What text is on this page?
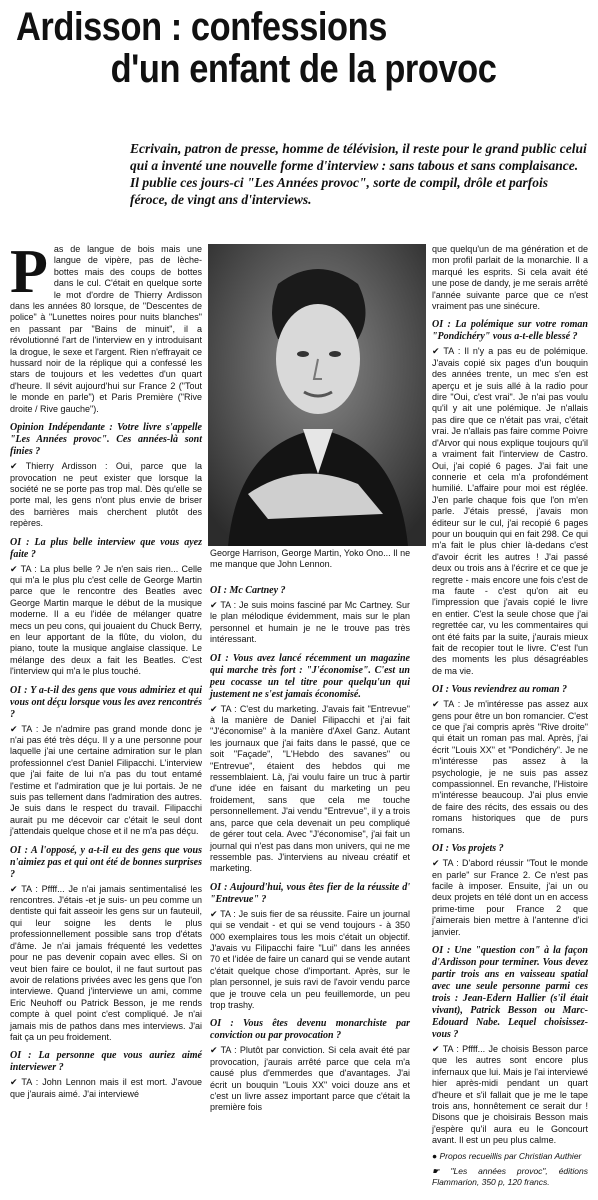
Ardisson : confessions
d'un enfant de la provoc
Ecrivain, patron de presse, homme de télévision, il reste pour le grand public celui qui a inventé une nouvelle forme d'interview : sans tabous et sans complaisance. Il publie ces jours-ci "Les Années provoc", sorte de compil, drôle et parfois féroce, de vingt ans d'interviews.

Pas de langue de bois mais une langue de vipère, pas de lèche-bottes mais des coups de bottes dans le cul. C'était en quelque sorte le mot d'ordre de Thierry Ardisson dans les années 80 lorsque, de "Descentes de police" à "Lunettes noires pour nuits blanches" en passant par "Bains de minuit", il a révolutionné l'art de l'interview en y introduisant la drogue, le sexe et l'argent. Rien n'effrayait ce hussard noir de la réplique qui a confessé les stars de toujours et les vedettes d'un quart d'heure. Il sévit aujourd'hui sur France 2 ("Tout le monde en parle") et Paris Première ("Rive droite / Rive gauche").

Opinion Indépendante : Votre livre s'appelle "Les Années provoc". Ces années-là sont finies ?

✔ Thierry Ardisson : Oui, parce que la provocation ne peut exister que lorsque la société ne se porte pas trop mal. Dès qu'elle se porte mal, les gens n'ont plus envie de briser des barrières mais cherchent plutôt des repères.

OI : La plus belle interview que vous ayez faite ?

✔ TA : La plus belle ? Je n'en sais rien... Celle qui m'a le plus plu c'est celle de George Martin parce que le rencontre des Beatles avec George Martin marque le début de la musique moderne. Il a eu l'idée de mélanger quatre mecs un peu cons, qui jouaient du Chuck Berry, en leur apportant de la flûte, du violon, du piano, toute la musique anglaise classique. Le mélange des deux a fait les Beatles. C'est l'interview qui m'a le plus touché.

OI : Y a-t-il des gens que vous admiriez et qui vous ont déçu lorsque vous les avez rencontrés ?

✔ TA : Je n'admire pas grand monde donc je n'ai pas été très déçu. Il y a une personne pour laquelle j'ai une certaine admiration sur le plan professionnel c'est Daniel Filipacchi. L'interview que j'ai faite de lui n'a pas du tout entamé l'estime et l'admiration que je lui portais. Je ne suis pas tellement dans l'admiration des autres. Je suis dans le respect du travail. Filipacchi aurait pu me décevoir car c'était le seul dont j'attendais quelque chose et il ne m'a pas déçu.

OI : A l'opposé, y a-t-il eu des gens que vous n'aimiez pas et qui ont été de bonnes surprises ?

✔ TA : Pffff... Je n'ai jamais sentimentalisé les rencontres. J'étais -et je suis- un peu comme un dentiste qui fait asseoir les gens sur un fauteuil, qui leur soigne les dents le plus professionnellement possible sans trop d'états d'âme. Je n'ai jamais fréquenté les vedettes pour ne pas devenir copain avec elles. Si on veut bien faire ce boulot, il ne faut surtout pas avoir de relations privées avec les gens que l'on interviewe. Quand j'interviewe un ami, comme Eric Neuhoff ou Patrick Besson, je me rends compte à quel point c'est compliqué. Je n'ai jamais mis de pathos dans mes interviews. J'ai fait ça un peu froidement.

OI : La personne que vous auriez aimé interviewer ?

✔ TA : John Lennon mais il est mort. J'avoue que j'aurais aimé. J'ai interviewé

George Harrison, George Martin, Yoko Ono... Il ne me manque que John Lennon.

OI : Mc Cartney ?

✔ TA : Je suis moins fasciné par Mc Cartney. Sur le plan mélodique évidemment, mais sur le plan personnel et humain je ne le trouve pas très intéressant.

OI : Vous avez lancé récemment un magazine qui marche très fort : "J'économise". C'est un peu cocasse un tel titre pour quelqu'un qui justement ne s'est jamais économisé.

✔ TA : C'est du marketing. J'avais fait "Entrevue" à la manière de Daniel Filipacchi et j'ai fait "J'économise" à la manière d'Axel Ganz. Autant les journaux que j'ai faits dans le passé, que ce soit "Façade", "L'Hebdo des savanes" ou "Entrevue", étaient des hebdos qui me ressemblaient. Là, j'ai voulu faire un truc à partir d'une idée en faisant du marketing un peu froidement, sans que cela me touche personnellement. J'ai vendu "Entrevue", il y a trois ans, parce que cela devenait un peu compliqué de gérer tout cela. Avec "J'économise", j'ai fait un journal qui n'est pas dans mon univers, qui ne me ressemble pas. J'interviens au niveau créatif et marketing.

OI : Aujourd'hui, vous êtes fier de la réussite d' "Entrevue" ?

✔ TA : Je suis fier de sa réussite. Faire un journal qui se vendait - et qui se vend toujours - à 350 000 exemplaires tous les mois c'était un objectif. J'avais vu Filipacchi faire "Lui" dans les années 70 et l'idée de faire un canard qui se vende autant c'était quelque chose d'important. Après, sur le plan personnel, je suis ravi de l'avoir vendu parce que je trouve cela un peu feuillemorde, un peu trop trashy.

OI : Vous êtes devenu monarchiste par conviction ou par provocation ?

✔ TA : Plutôt par conviction. Si cela avait été par provocation, j'aurais arrêté parce que cela m'a causé plus d'emmerdes que d'avantages. J'ai écrit un bouquin "Louis XX" voici douze ans et c'est un livre assez important parce que c'était la première fois

que quelqu'un de ma génération et de mon profil parlait de la monarchie. Il a marqué les esprits. Si cela avait été une pose de dandy, je me serais arrêté l'année suivante parce que ce n'est vraiment pas une sinécure.

OI : La polémique sur votre roman "Pondichéry" vous a-t-elle blessé ?

✔ TA : Il n'y a pas eu de polémique. J'avais copié six pages d'un bouquin des années trente, un mec s'en est aperçu et je suis allé à la radio pour dire "Oui, c'est vrai". Je n'ai pas voulu qu'il y ait une polémique. Je n'allais pas dire que ce n'était pas vrai, c'était vrai. Je n'allais pas faire comme Poivre d'Arvor qui nous explique toujours qu'il a vraiment fait l'interview de Castro. Oui, j'ai copié 6 pages. J'ai fait une connerie et cela m'a profondément humilié. L'affaire pour moi est réglée. J'en parle chaque fois que l'on m'en parle. J'étais pressé, j'avais mon éditeur sur le cul, j'ai recopié 6 pages pour un bouquin qui en fait 298. Ce qui m'a fait le plus chier là-dedans c'est d'avoir écrit les autres ! J'ai passé deux ou trois ans à l'écrire et ce que je regrette - mais encore une fois c'est de ma faute - c'est qu'on ait eu l'impression que j'avais copié le livre en entier. C'est la seule chose que j'ai regrettée car, vu les commentaires qui ont été faits par la suite, j'aurais mieux fait de recopier tout le livre. C'est l'un des moments les plus désagréables de ma vie.

OI : Vous reviendrez au roman ?

✔ TA : Je m'intéresse pas assez aux gens pour être un bon romancier. C'est ce que j'ai compris après "Rive droite" qui était un roman pas mal. Après, j'ai écrit "Louis XX" et "Pondichéry". Je ne m'intéresse pas assez à la psychologie, je ne suis pas assez compassionnel. En revanche, l'Histoire m'intéresse beaucoup. J'ai plus envie de faire des récits, des essais ou des romans historiques que de purs romans.

OI : Vos projets ?

✔ TA : D'abord réussir "Tout le monde en parle" sur France 2. Ce n'est pas facile à imposer. Ensuite, j'ai un ou deux projets en télé dont un en access prime-time pour France 2 que j'aimerais bien mettre à l'antenne d'ici janvier.

OI : Une "question con" à la façon d'Ardisson pour terminer. Vous devez partir trois ans en vaisseau spatial avec une seule personne parmi ces trois : Jean-Edern Hallier (s'il était vivant), Patrick Besson ou Marc-Edouard Nabe. Lequel choisissez-vous ?

✔ TA : Pffff... Je choisis Besson parce que les autres sont encore plus infernaux que lui. Mais je l'ai interviewé hier après-midi pendant un quart d'heure et s'il fallait que je me le tape trois ans, honnêtement ce serait dur ! Disons que je choisirais Besson mais j'espère qu'il aura eu le Goncourt avant. Il est un peu plus calme.

● Propos recueillis par Christian Authier

☛ "Les années provoc", éditions Flammarion, 350 p, 120 francs.
